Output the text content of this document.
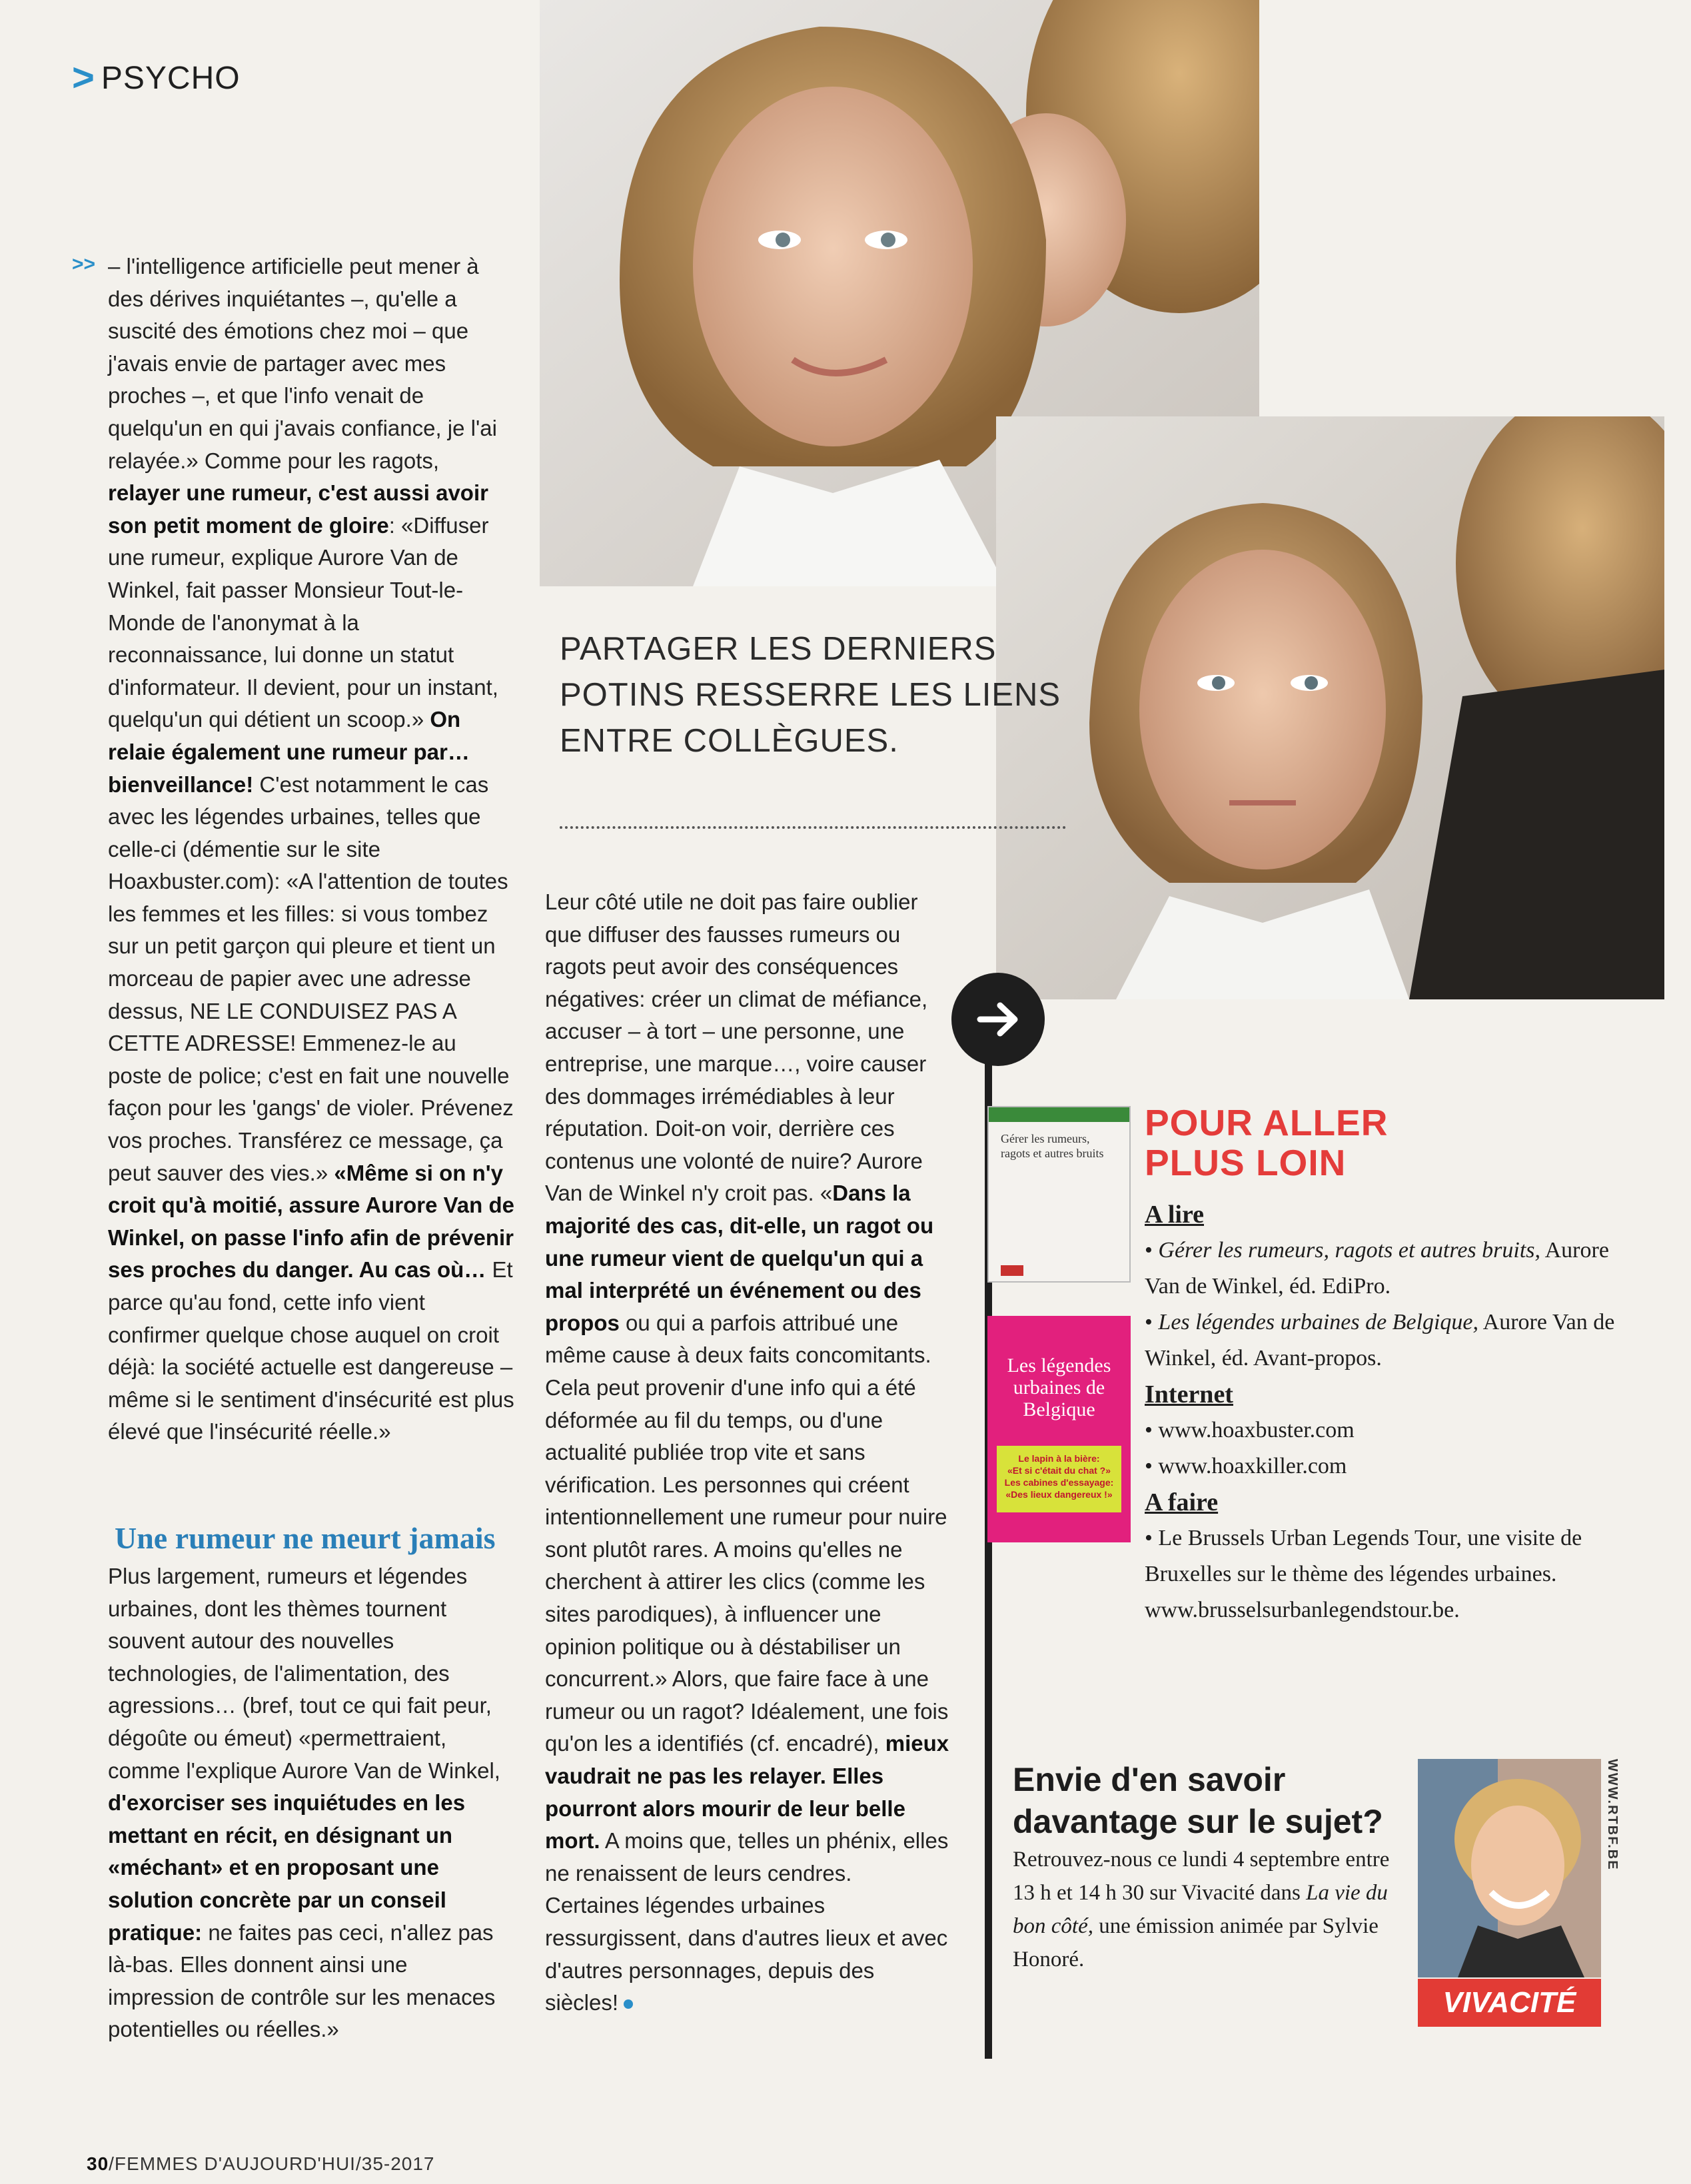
> PSYCHO
PARTAGER LES DERNIERS POTINS RESSERRE LES LIENS ENTRE COLLÈGUES.
>> – l'intelligence artificielle peut mener à des dérives inquiétantes –, qu'elle a suscité des émotions chez moi – que j'avais envie de partager avec mes proches –, et que l'info venait de quelqu'un en qui j'avais confiance, je l'ai relayée.» Comme pour les ragots, relayer une rumeur, c'est aussi avoir son petit moment de gloire: «Diffuser une rumeur, explique Aurore Van de Winkel, fait passer Monsieur Tout-le-Monde de l'anonymat à la reconnaissance, lui donne un statut d'informateur. Il devient, pour un instant, quelqu'un qui détient un scoop.» On relaie également une rumeur par… bienveillance! C'est notamment le cas avec les légendes urbaines, telles que celle-ci (démentie sur le site Hoaxbuster.com): «A l'attention de toutes les femmes et les filles: si vous tombez sur un petit garçon qui pleure et tient un morceau de papier avec une adresse dessus, NE LE CONDUISEZ PAS A CETTE ADRESSE! Emmenez-le au poste de police; c'est en fait une nouvelle façon pour les 'gangs' de violer. Prévenez vos proches. Transférez ce message, ça peut sauver des vies.» «Même si on n'y croit qu'à moitié, assure Aurore Van de Winkel, on passe l'info afin de prévenir ses proches du danger. Au cas où… Et parce qu'au fond, cette info vient confirmer quelque chose auquel on croit déjà: la société actuelle est dangereuse – même si le sentiment d'insécurité est plus élevé que l'insécurité réelle.»

Une rumeur ne meurt jamais

Plus largement, rumeurs et légendes urbaines, dont les thèmes tournent souvent autour des nouvelles technologies, de l'alimentation, des agressions… (bref, tout ce qui fait peur, dégoûte ou émeut) «permettraient, comme l'explique Aurore Van de Winkel, d'exorciser ses inquiétudes en les mettant en récit, en désignant un «méchant» et en proposant une solution concrète par un conseil pratique: ne faites pas ceci, n'allez pas là-bas. Elles donnent ainsi une impression de contrôle sur les menaces potentielles ou réelles.»

Leur côté utile ne doit pas faire oublier que diffuser des fausses rumeurs ou ragots peut avoir des conséquences négatives: créer un climat de méfiance, accuser – à tort – une personne, une entreprise, une marque…, voire causer des dommages irrémédiables à leur réputation. Doit-on voir, derrière ces contenus une volonté de nuire? Aurore Van de Winkel n'y croit pas. «Dans la majorité des cas, dit-elle, un ragot ou une rumeur vient de quelqu'un qui a mal interprété un événement ou des propos ou qui a parfois attribué une même cause à deux faits concomitants. Cela peut provenir d'une info qui a été déformée au fil du temps, ou d'une actualité publiée trop vite et sans vérification. Les personnes qui créent intentionnellement une rumeur pour nuire sont plutôt rares. A moins qu'elles ne cherchent à attirer les clics (comme les sites parodiques), à influencer une opinion politique ou à déstabiliser un concurrent.» Alors, que faire face à une rumeur ou un ragot? Idéalement, une fois qu'on les a identifiés (cf. encadré), mieux vaudrait ne pas les relayer. Elles pourront alors mourir de leur belle mort. A moins que, telles un phénix, elles ne renaissent de leurs cendres. Certaines légendes urbaines ressurgissent, dans d'autres lieux et avec d'autres personnages, depuis des siècles!

Gérer les rumeurs, ragots et autres bruits
Les légendes urbaines de Belgique
Le lapin à la bière:
«Et si c'était du chat ?»
Les cabines d'essayage:
«Des lieux dangereux !»
POUR ALLER
PLUS LOIN
A lire
• Gérer les rumeurs, ragots et autres bruits, Aurore Van de Winkel, éd. EdiPro.
• Les légendes urbaines de Belgique, Aurore Van de Winkel, éd. Avant-propos.
Internet
• www.hoaxbuster.com
• www.hoaxkiller.com
A faire
• Le Brussels Urban Legends Tour, une visite de Bruxelles sur le thème des légendes urbaines.
www.brusselsurbanlegendstour.be.
Envie d'en savoir davantage sur le sujet? Retrouvez-nous ce lundi 4 septembre entre 13 h et 14 h 30 sur Vivacité dans La vie du bon côté, une émission animée par Sylvie Honoré.
WWW.RTBF.BE
VIVACITÉ
30/FEMMES D'AUJOURD'HUI/35-2017
